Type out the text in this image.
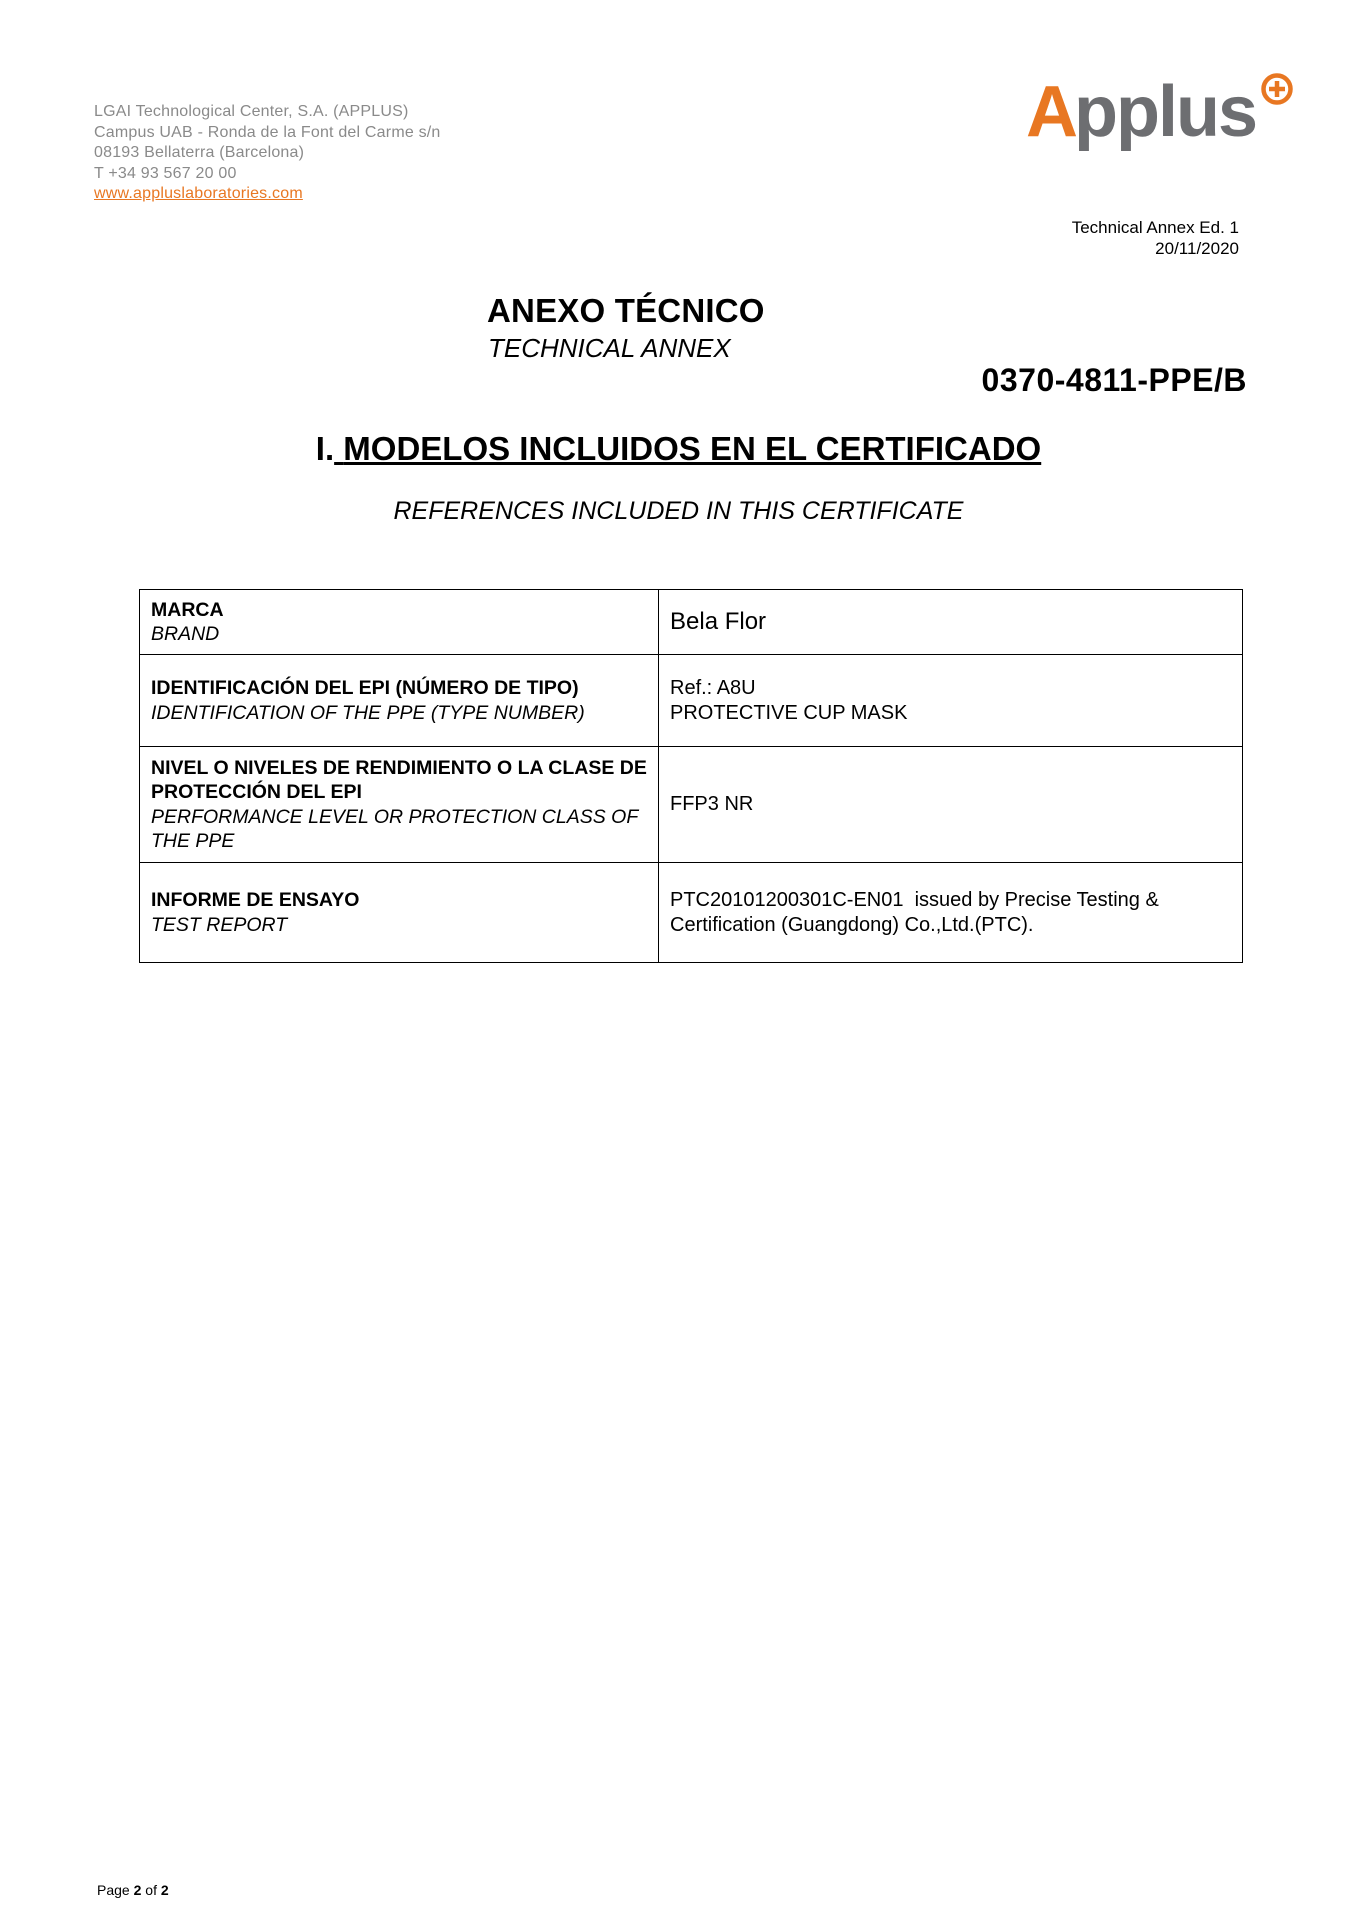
LGAI Technological Center, S.A. (APPLUS)
Campus UAB - Ronda de la Font del Carme s/n
08193 Bellaterra (Barcelona)
T +34 93 567 20 00
www.appluslaboratories.com
A
pplus
Technical Annex Ed. 1
20/11/2020
ANEXO TÉCNICO
TECHNICAL ANNEX
0370-4811-PPE/B
I. MODELOS INCLUIDOS EN EL CERTIFICADO
REFERENCES INCLUDED IN THIS CERTIFICATE
MARCA
BRAND	Bela Flor

IDENTIFICACIÓN DEL EPI (NÚMERO DE TIPO)
IDENTIFICATION OF THE PPE (TYPE NUMBER)	Ref.: A8U
PROTECTIVE CUP MASK

NIVEL O NIVELES DE RENDIMIENTO O LA CLASE DE PROTECCIÓN DEL EPI
PERFORMANCE LEVEL OR PROTECTION CLASS OF THE PPE	FFP3 NR

INFORME DE ENSAYO
TEST REPORT	PTC20101200301C-EN01  issued by Precise Testing &
Certification (Guangdong) Co.,Ltd.(PTC).
Page 2 of 2
